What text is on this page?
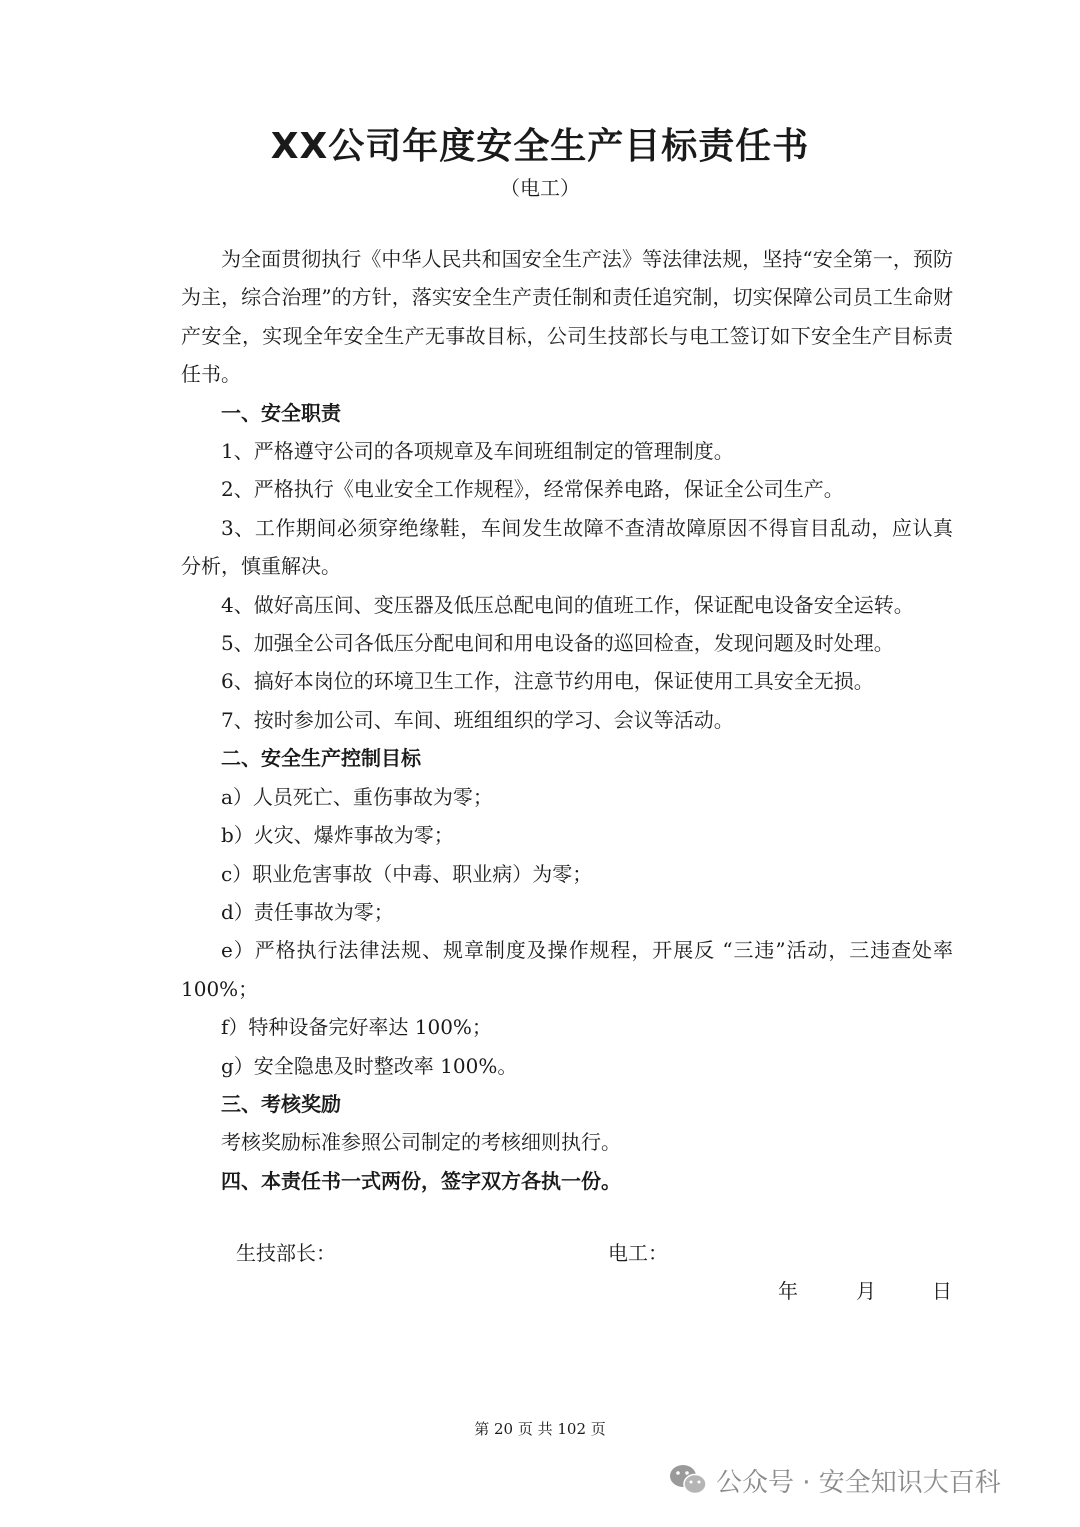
XX公司年度安全生产目标责任书
（电工）

为全面贯彻执行《中华人民共和国安全生产法》等法律法规，坚持“安全第一，预防为主，综合治理”的方针，落实安全生产责任制和责任追究制，切实保障公司员工生命财产安全，实现全年安全生产无事故目标，公司生技部长与电工签订如下安全生产目标责任书。

一、安全职责

1、严格遵守公司的各项规章及车间班组制定的管理制度。

2、严格执行《电业安全工作规程》，经常保养电路，保证全公司生产。

3、工作期间必须穿绝缘鞋，车间发生故障不查清故障原因不得盲目乱动，应认真分析，慎重解决。

4、做好高压间、变压器及低压总配电间的值班工作，保证配电设备安全运转。

5、加强全公司各低压分配电间和用电设备的巡回检查，发现问题及时处理。

6、搞好本岗位的环境卫生工作，注意节约用电，保证使用工具安全无损。

7、按时参加公司、车间、班组组织的学习、会议等活动。

二、安全生产控制目标

a）人员死亡、重伤事故为零；

b）火灾、爆炸事故为零；

c）职业危害事故（中毒、职业病）为零；

d）责任事故为零；

e）严格执行法律法规、规章制度及操作规程，开展反 “三违”活动，三违查处率 100%；

f）特种设备完好率达 100%；

g）安全隐患及时整改率 100%。

三、考核奖励

考核奖励标准参照公司制定的考核细则执行。

四、本责任书一式两份，签字双方各执一份。

生技部长：	电工：
年	月	日
第 20 页 共 102 页
公众号 · 安全知识大百科
